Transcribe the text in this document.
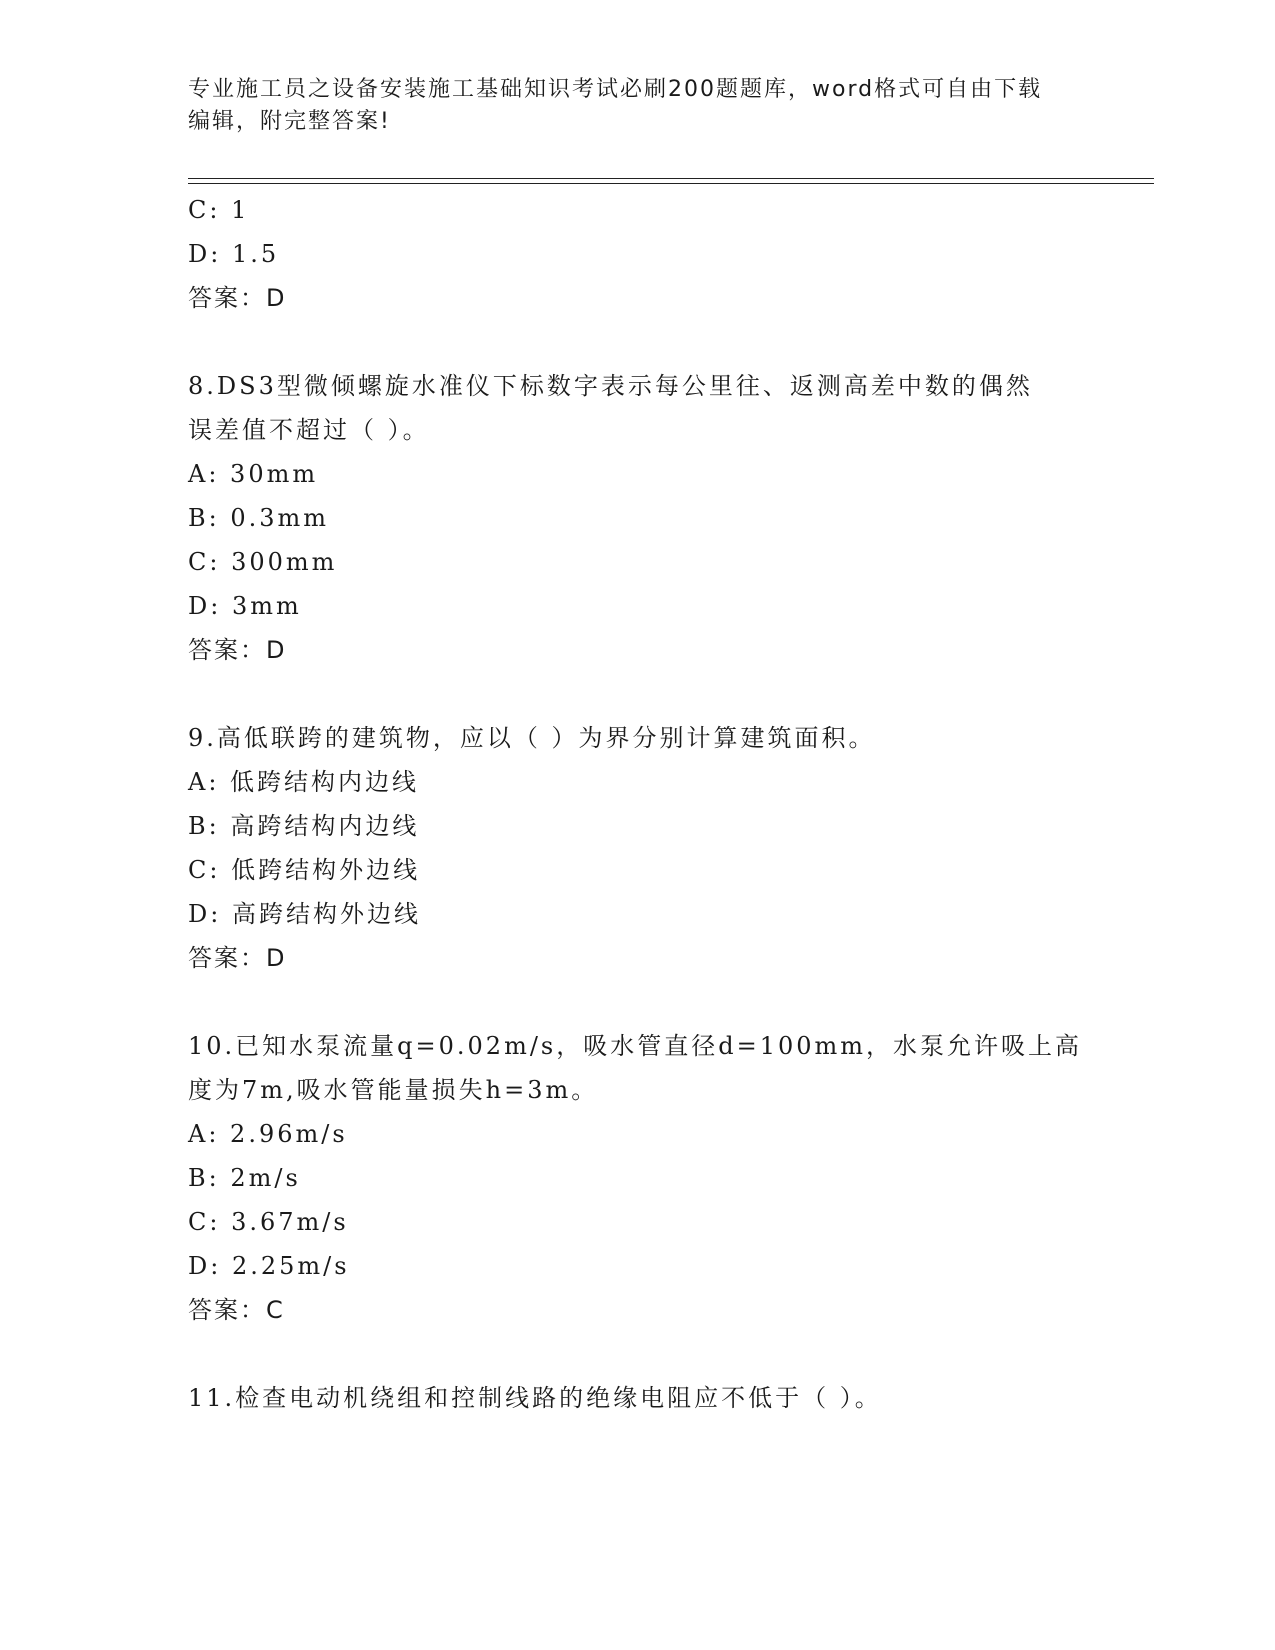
专业施工员之设备安装施工基础知识考试必刷200题题库，word格式可自由下载
编辑，附完整答案!
C: 1
D: 1.5
答案：D
8.DS3型微倾螺旋水准仪下标数字表示每公里往、返测高差中数的偶然
误差值不超过（ ）。
A: 30mm
B: 0.3mm
C: 300mm
D: 3mm
答案：D
9.高低联跨的建筑物，应以（ ）为界分别计算建筑面积。
A: 低跨结构内边线
B: 高跨结构内边线
C: 低跨结构外边线
D: 高跨结构外边线
答案：D
10.已知水泵流量q=0.02m/s，吸水管直径d=100mm，水泵允许吸上高
度为7m,吸水管能量损失h=3m。
A: 2.96m/s
B: 2m/s
C: 3.67m/s
D: 2.25m/s
答案：C
11.检查电动机绕组和控制线路的绝缘电阻应不低于（ ）。
